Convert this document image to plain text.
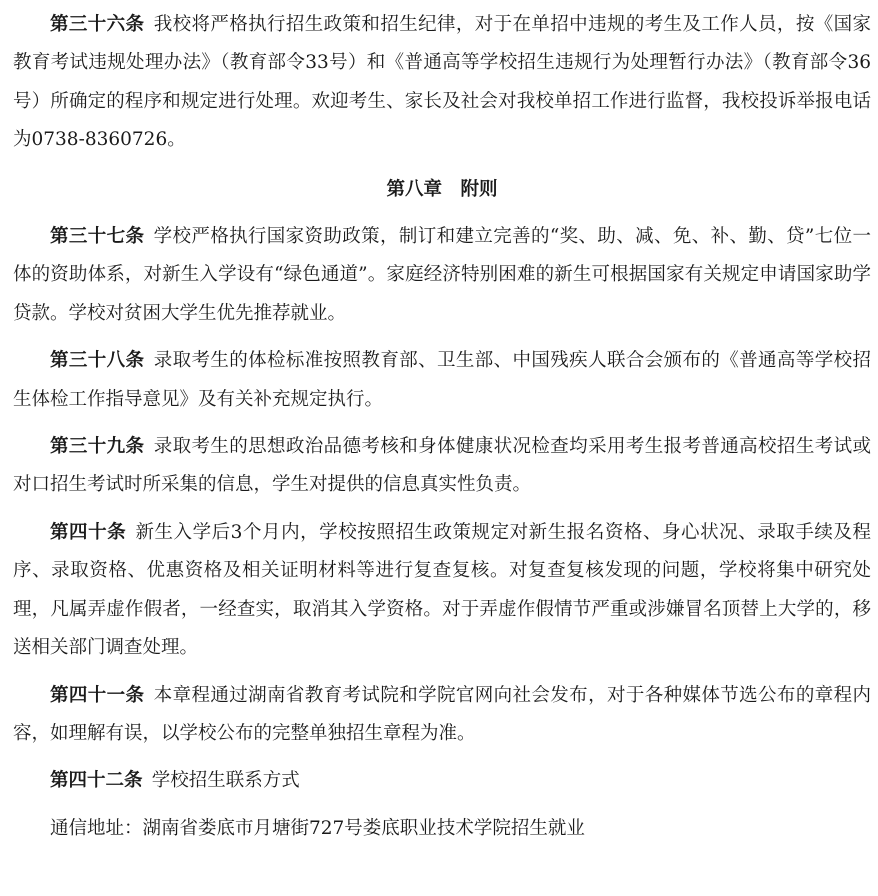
第三十六条 我校将严格执行招生政策和招生纪律，对于在单招中违规的考生及工作人员，按《国家教育考试违规处理办法》（教育部令33号）和《普通高等学校招生违规行为处理暂行办法》（教育部令36号）所确定的程序和规定进行处理。欢迎考生、家长及社会对我校单招工作进行监督，我校投诉举报电话为0738-8360726。

第八章　附则

第三十七条 学校严格执行国家资助政策，制订和建立完善的“奖、助、减、免、补、勤、贷”七位一体的资助体系，对新生入学设有“绿色通道”。家庭经济特别困难的新生可根据国家有关规定申请国家助学贷款。学校对贫困大学生优先推荐就业。

第三十八条 录取考生的体检标准按照教育部、卫生部、中国残疾人联合会颁布的《普通高等学校招生体检工作指导意见》及有关补充规定执行。

第三十九条 录取考生的思想政治品德考核和身体健康状况检查均采用考生报考普通高校招生考试或对口招生考试时所采集的信息，学生对提供的信息真实性负责。

第四十条 新生入学后3个月内，学校按照招生政策规定对新生报名资格、身心状况、录取手续及程序、录取资格、优惠资格及相关证明材料等进行复查复核。对复查复核发现的问题，学校将集中研究处理，凡属弄虚作假者，一经查实，取消其入学资格。对于弄虚作假情节严重或涉嫌冒名顶替上大学的，移送相关部门调查处理。

第四十一条 本章程通过湖南省教育考试院和学院官网向社会发布，对于各种媒体节选公布的章程内容，如理解有误，以学校公布的完整单独招生章程为准。

第四十二条 学校招生联系方式

通信地址：湖南省娄底市月塘街727号娄底职业技术学院招生就业
